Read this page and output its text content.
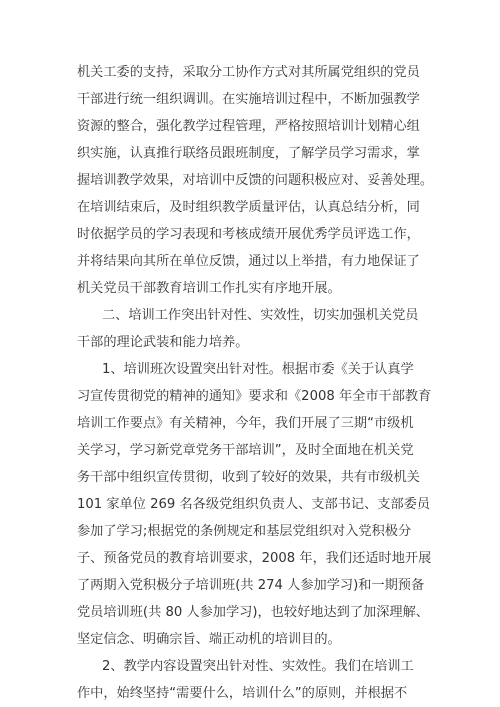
机关工委的支持，采取分工协作方式对其所属党组织的党员
干部进行统一组织调训。在实施培训过程中，不断加强教学
资源的整合，强化教学过程管理，严格按照培训计划精心组
织实施，认真推行联络员跟班制度，了解学员学习需求，掌
握培训教学效果，对培训中反馈的问题积极应对、妥善处理。
在培训结束后，及时组织教学质量评估，认真总结分析，同
时依据学员的学习表现和考核成绩开展优秀学员评选工作，
并将结果向其所在单位反馈，通过以上举措，有力地保证了
机关党员干部教育培训工作扎实有序地开展。
二、培训工作突出针对性、实效性，切实加强机关党员
干部的理论武装和能力培养。
1、培训班次设置突出针对性。根据市委《关于认真学
习宣传贯彻党的精神的通知》要求和《2008 年全市干部教育
培训工作要点》有关精神，今年，我们开展了三期“市级机
关学习，学习新党章党务干部培训”，及时全面地在机关党
务干部中组织宣传贯彻，收到了较好的效果，共有市级机关
101 家单位 269 名各级党组织负责人、支部书记、支部委员
参加了学习;根据党的条例规定和基层党组织对入党积极分
子、预备党员的教育培训要求，2008 年，我们还适时地开展
了两期入党积极分子培训班(共 274 人参加学习)和一期预备
党员培训班(共 80 人参加学习)，也较好地达到了加深理解、
坚定信念、明确宗旨、端正动机的培训目的。
2、教学内容设置突出针对性、实效性。我们在培训工
作中，始终坚持“需要什么，培训什么”的原则，并根据不
